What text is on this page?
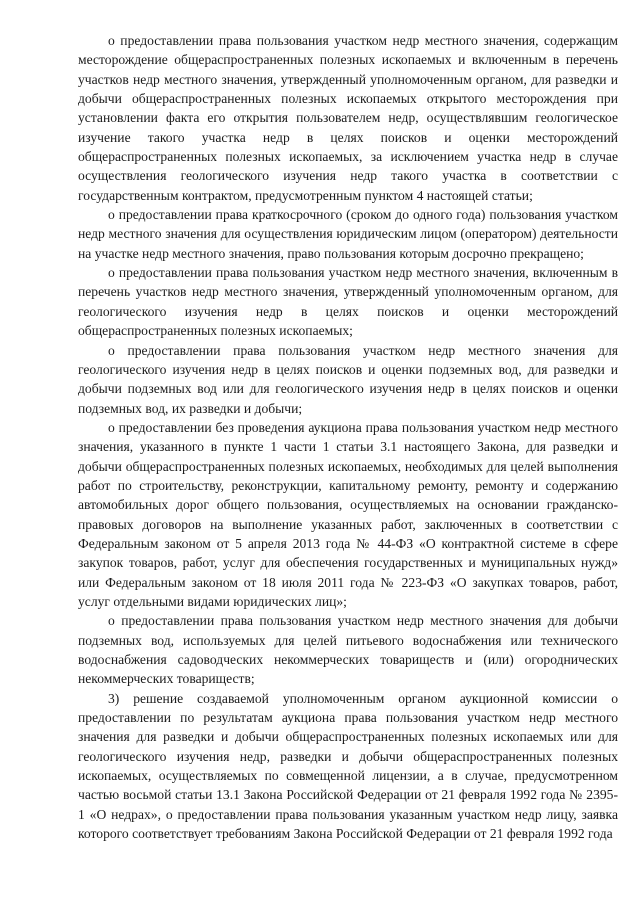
о предоставлении права пользования участком недр местного значения, содержащим месторождение общераспространенных полезных ископаемых и включенным в перечень участков недр местного значения, утвержденный уполномоченным органом, для разведки и добычи общераспространенных полезных ископаемых открытого месторождения при установлении факта его открытия пользователем недр, осуществлявшим геологическое изучение такого участка недр в целях поисков и оценки месторождений общераспространенных полезных ископаемых, за исключением участка недр в случае осуществления геологического изучения недр такого участка в соответствии с государственным контрактом, предусмотренным пунктом 4 настоящей статьи;

о предоставлении права краткосрочного (сроком до одного года) пользования участком недр местного значения для осуществления юридическим лицом (оператором) деятельности на участке недр местного значения, право пользования которым досрочно прекращено;

о предоставлении права пользования участком недр местного значения, включенным в перечень участков недр местного значения, утвержденный уполномоченным органом, для геологического изучения недр в целях поисков и оценки месторождений общераспространенных полезных ископаемых;

о предоставлении права пользования участком недр местного значения для геологического изучения недр в целях поисков и оценки подземных вод, для разведки и добычи подземных вод или для геологического изучения недр в целях поисков и оценки подземных вод, их разведки и добычи;

о предоставлении без проведения аукциона права пользования участком недр местного значения, указанного в пункте 1 части 1 статьи 3.1 настоящего Закона, для разведки и добычи общераспространенных полезных ископаемых, необходимых для целей выполнения работ по строительству, реконструкции, капитальному ремонту, ремонту и содержанию автомобильных дорог общего пользования, осуществляемых на основании гражданско-правовых договоров на выполнение указанных работ, заключенных в соответствии с Федеральным законом от 5 апреля 2013 года № 44-ФЗ «О контрактной системе в сфере закупок товаров, работ, услуг для обеспечения государственных и муниципальных нужд» или Федеральным законом от 18 июля 2011 года № 223-ФЗ «О закупках товаров, работ, услуг отдельными видами юридических лиц»;

о предоставлении права пользования участком недр местного значения для добычи подземных вод, используемых для целей питьевого водоснабжения или технического водоснабжения садоводческих некоммерческих товариществ и (или) огороднических некоммерческих товариществ;

3) решение создаваемой уполномоченным органом аукционной комиссии о предоставлении по результатам аукциона права пользования участком недр местного значения для разведки и добычи общераспространенных полезных ископаемых или для геологического изучения недр, разведки и добычи общераспространенных полезных ископаемых, осуществляемых по совмещенной лицензии, а в случае, предусмотренном частью восьмой статьи 13.1 Закона Российской Федерации от 21 февраля 1992 года № 2395-1 «О недрах», о предоставлении права пользования указанным участком недр лицу, заявка которого соответствует требованиям Закона Российской Федерации от 21 февраля 1992 года
